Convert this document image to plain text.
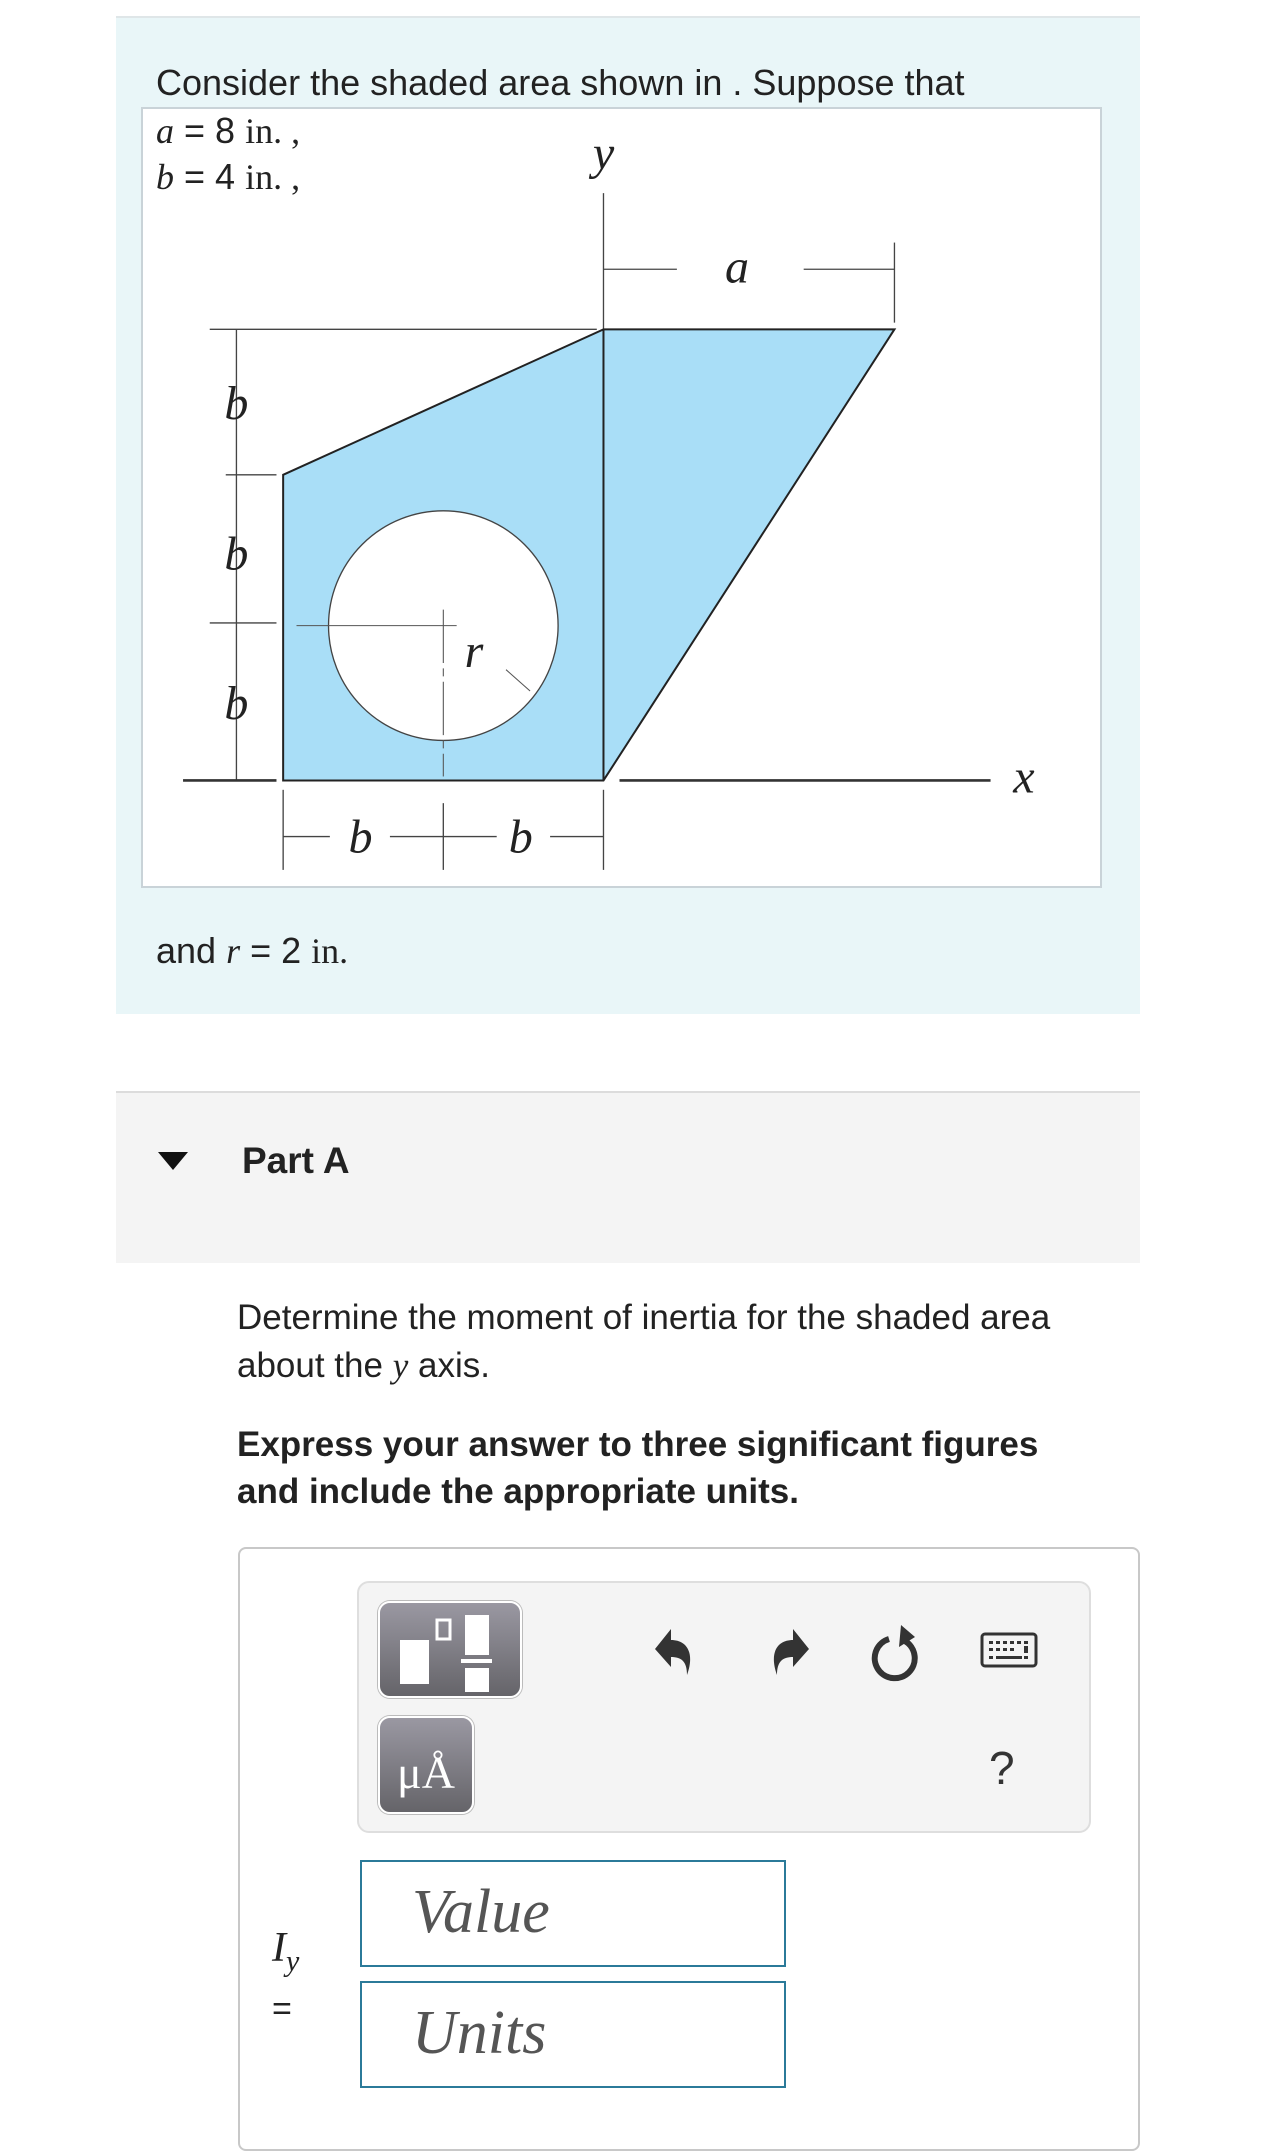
Consider the shaded area shown in . Suppose that
y
x
a
b
b
b
b	b
r
a = 8 in. ,
b = 4 in. ,
and r = 2 in.
Part A
Determine the moment of inertia for the shaded area
about the y axis.
Express your answer to three significant figures
and include the appropriate units.
μÅ	?
$I_y$
=
Value
Units
